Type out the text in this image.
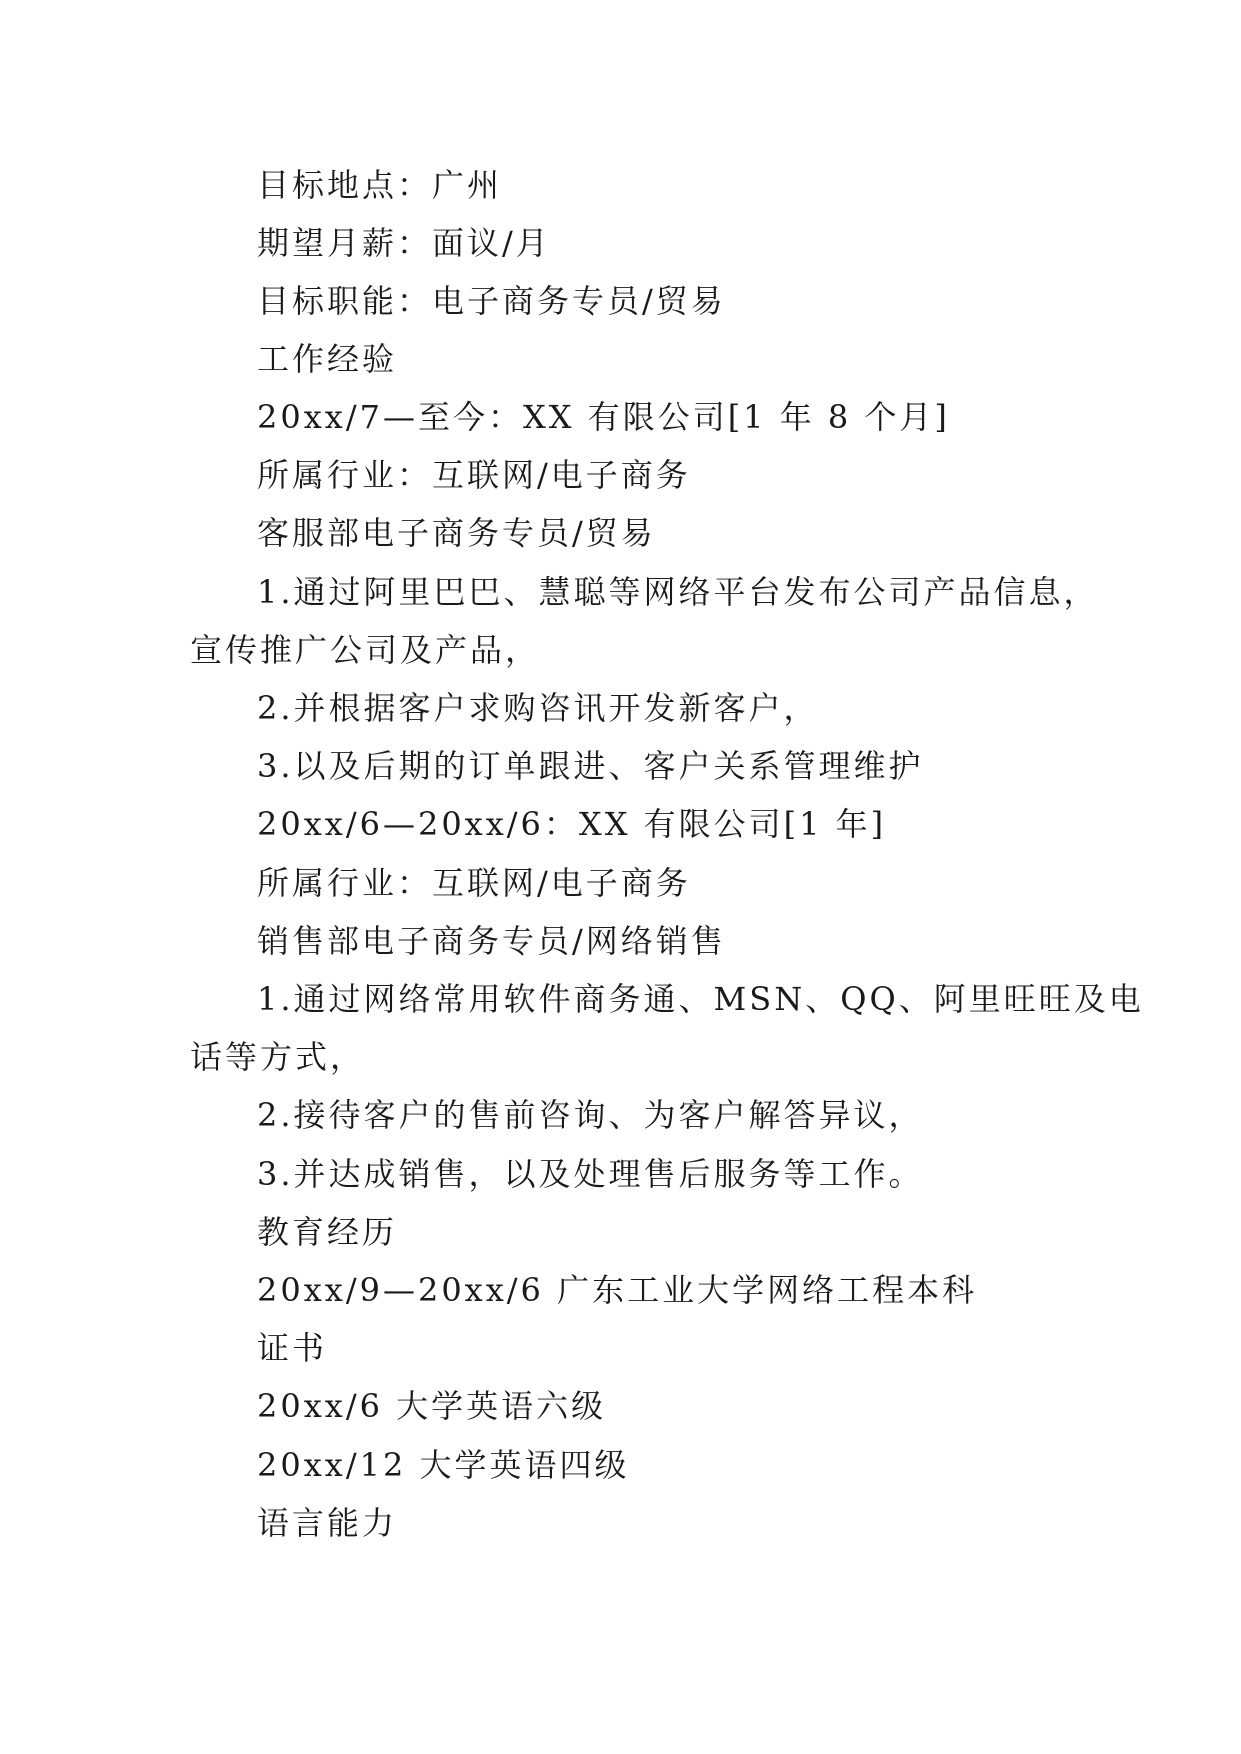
目标地点：广州
期望月薪：面议/月
目标职能：电子商务专员/贸易
工作经验
20xx/7—至今：XX 有限公司[1 年 8 个月]
所属行业：互联网/电子商务
客服部电子商务专员/贸易
1.通过阿里巴巴、慧聪等网络平台发布公司产品信息，
宣传推广公司及产品，
2.并根据客户求购咨讯开发新客户，
3.以及后期的订单跟进、客户关系管理维护
20xx/6—20xx/6：XX 有限公司[1 年]
所属行业：互联网/电子商务
销售部电子商务专员/网络销售
1.通过网络常用软件商务通、MSN、QQ、阿里旺旺及电
话等方式，
2.接待客户的售前咨询、为客户解答异议，
3.并达成销售，以及处理售后服务等工作。
教育经历
20xx/9—20xx/6 广东工业大学网络工程本科
证书
20xx/6 大学英语六级
20xx/12 大学英语四级
语言能力
